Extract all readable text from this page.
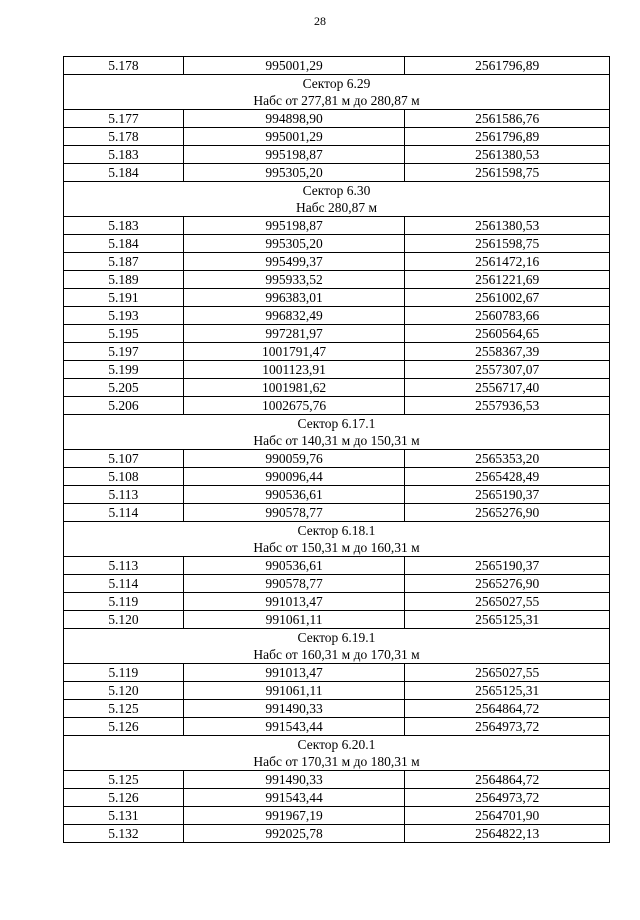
28
5.178	995001,29	2561796,89
Сектор 6.29		
Набс от 277,81 м до 280,87 м		
5.177	994898,90	2561586,76
5.178	995001,29	2561796,89
5.183	995198,87	2561380,53
5.184	995305,20	2561598,75
Сектор 6.30		
Набс 280,87 м		
5.183	995198,87	2561380,53
5.184	995305,20	2561598,75
5.187	995499,37	2561472,16
5.189	995933,52	2561221,69
5.191	996383,01	2561002,67
5.193	996832,49	2560783,66
5.195	997281,97	2560564,65
5.197	1001791,47	2558367,39
5.199	1001123,91	2557307,07
5.205	1001981,62	2556717,40
5.206	1002675,76	2557936,53
Сектор 6.17.1		
Набс от 140,31 м до 150,31 м		
5.107	990059,76	2565353,20
5.108	990096,44	2565428,49
5.113	990536,61	2565190,37
5.114	990578,77	2565276,90
Сектор 6.18.1		
Набс от 150,31 м до 160,31 м		
5.113	990536,61	2565190,37
5.114	990578,77	2565276,90
5.119	991013,47	2565027,55
5.120	991061,11	2565125,31
Сектор 6.19.1		
Набс от 160,31 м до 170,31 м		
5.119	991013,47	2565027,55
5.120	991061,11	2565125,31
5.125	991490,33	2564864,72
5.126	991543,44	2564973,72
Сектор 6.20.1		
Набс от 170,31 м до 180,31 м		
5.125	991490,33	2564864,72
5.126	991543,44	2564973,72
5.131	991967,19	2564701,90
5.132	992025,78	2564822,13
